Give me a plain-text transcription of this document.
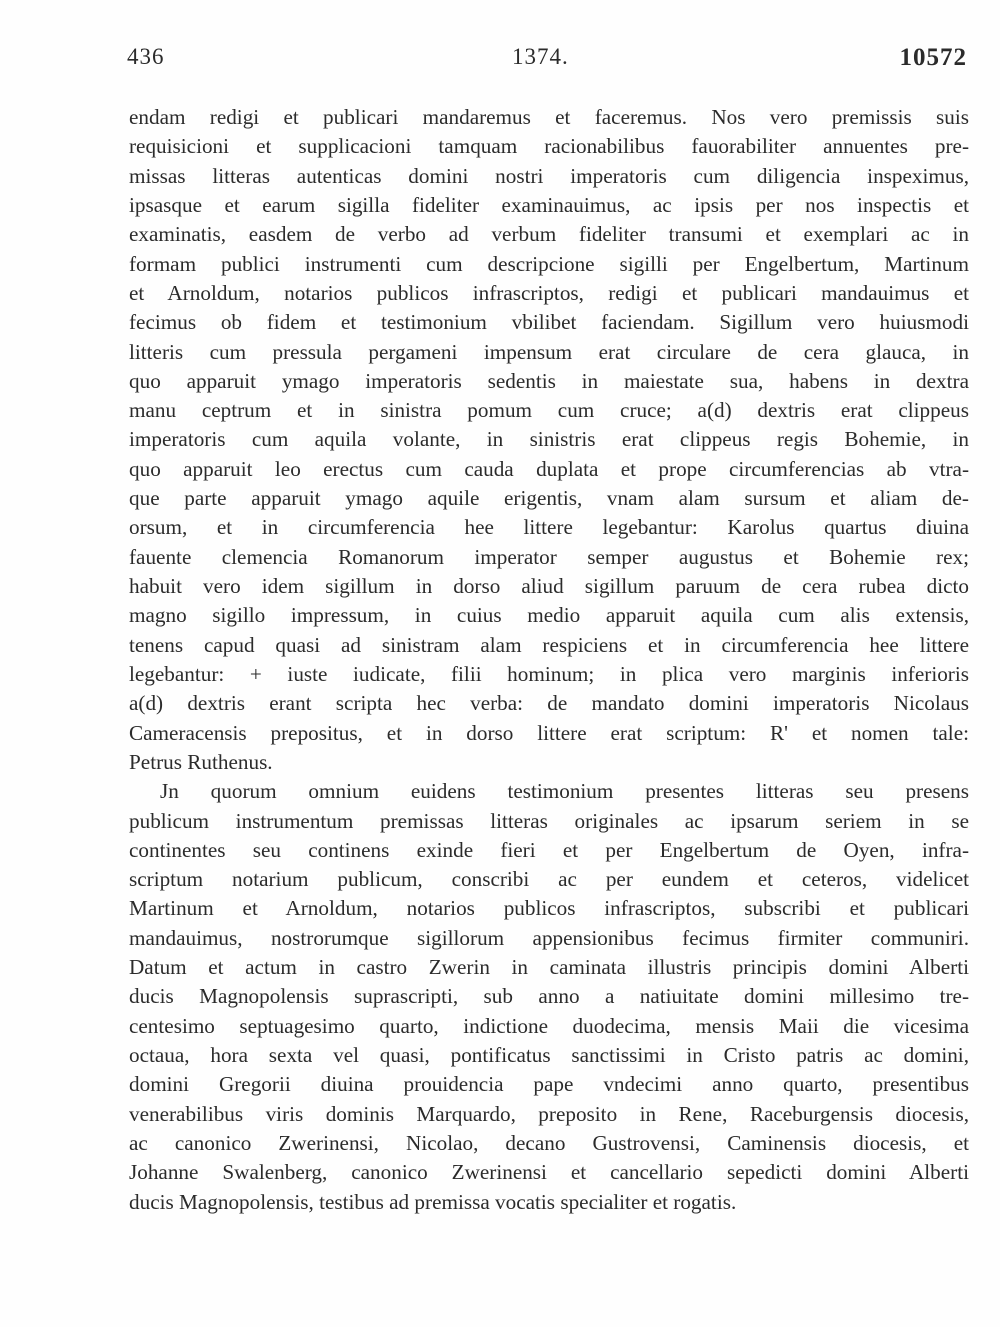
436	1374.	10572
endam redigi et publicari mandaremus et faceremus. Nos vero premissis suis
requisicioni et supplicacioni tamquam racionabilibus fauorabiliter annuentes pre-
missas litteras autenticas domini nostri imperatoris cum diligencia inspeximus,
ipsasque et earum sigilla fideliter examinauimus, ac ipsis per nos inspectis et
examinatis, easdem de verbo ad verbum fideliter transumi et exemplari ac in
formam publici instrumenti cum descripcione sigilli per Engelbertum, Martinum
et Arnoldum, notarios publicos infrascriptos, redigi et publicari mandauimus et
fecimus ob fidem et testimonium vbilibet faciendam. Sigillum vero huiusmodi
litteris cum pressula pergameni impensum erat circulare de cera glauca, in
quo apparuit ymago imperatoris sedentis in maiestate sua, habens in dextra
manu ceptrum et in sinistra pomum cum cruce; a(d) dextris erat clippeus
imperatoris cum aquila volante, in sinistris erat clippeus regis Bohemie, in
quo apparuit leo erectus cum cauda duplata et prope circumferencias ab vtra-
que parte apparuit ymago aquile erigentis, vnam alam sursum et aliam de-
orsum, et in circumferencia hee littere legebantur: Karolus quartus diuina
fauente clemencia Romanorum imperator semper augustus et Bohemie rex;
habuit vero idem sigillum in dorso aliud sigillum paruum de cera rubea dicto
magno sigillo impressum, in cuius medio apparuit aquila cum alis extensis,
tenens capud quasi ad sinistram alam respiciens et in circumferencia hee littere
legebantur: + iuste iudicate, filii hominum; in plica vero marginis inferioris
a(d) dextris erant scripta hec verba: de mandato domini imperatoris Nicolaus
Cameracensis prepositus, et in dorso littere erat scriptum: R' et nomen tale:
Petrus Ruthenus.
Jn quorum omnium euidens testimonium presentes litteras seu presens
publicum instrumentum premissas litteras originales ac ipsarum seriem in se
continentes seu continens exinde fieri et per Engelbertum de Oyen, infra-
scriptum notarium publicum, conscribi ac per eundem et ceteros, videlicet
Martinum et Arnoldum, notarios publicos infrascriptos, subscribi et publicari
mandauimus, nostrorumque sigillorum appensionibus fecimus firmiter communiri.
Datum et actum in castro Zwerin in caminata illustris principis domini Alberti
ducis Magnopolensis suprascripti, sub anno a natiuitate domini millesimo tre-
centesimo septuagesimo quarto, indictione duodecima, mensis Maii die vicesima
octaua, hora sexta vel quasi, pontificatus sanctissimi in Cristo patris ac domini,
domini Gregorii diuina prouidencia pape vndecimi anno quarto, presentibus
venerabilibus viris dominis Marquardo, preposito in Rene, Raceburgensis diocesis,
ac canonico Zwerinensi, Nicolao, decano Gustrovensi, Caminensis diocesis, et
Johanne Swalenberg, canonico Zwerinensi et cancellario sepedicti domini Alberti
ducis Magnopolensis, testibus ad premissa vocatis specialiter et rogatis.
